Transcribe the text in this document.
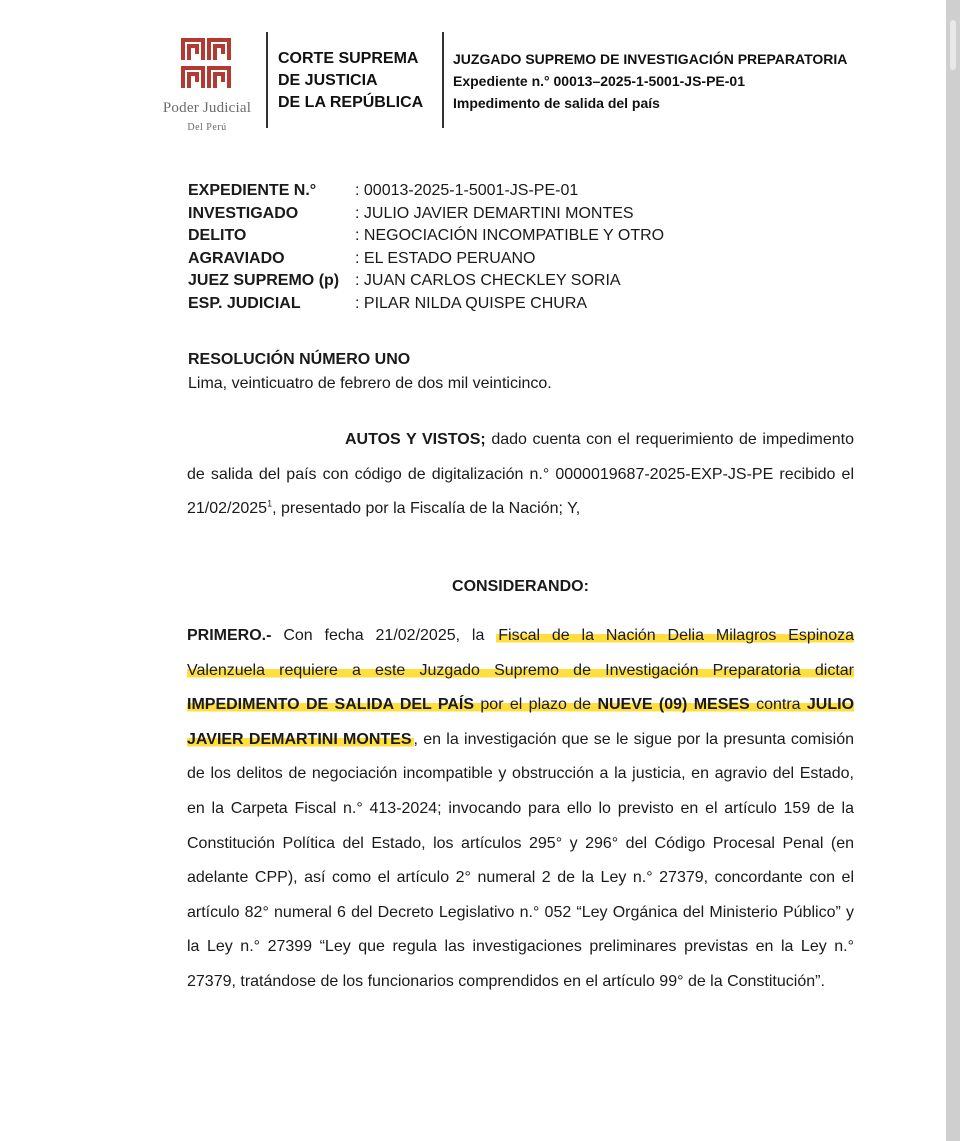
Poder Judicial
Del Perú
CORTE SUPREMA
DE JUSTICIA
DE LA REPÚBLICA
JUZGADO SUPREMO DE INVESTIGACIÓN PREPARATORIA
Expediente n.° 00013–2025-1-5001-JS-PE-01
Impedimento de salida del país
EXPEDIENTE N.° : 00013-2025-1-5001-JS-PE-01
INVESTIGADO	: JULIO JAVIER DEMARTINI MONTES
DELITO	: NEGOCIACIÓN INCOMPATIBLE Y OTRO
AGRAVIADO	: EL ESTADO PERUANO
JUEZ SUPREMO (p) : JUAN CARLOS CHECKLEY SORIA
ESP. JUDICIAL	: PILAR NILDA QUISPE CHURA
RESOLUCIÓN NÚMERO UNO
Lima, veinticuatro de febrero de dos mil veinticinco.
AUTOS Y VISTOS; dado cuenta con el requerimiento de impedimento de salida del país con código de digitalización n.° 0000019687-2025-EXP-JS-PE recibido el 21/02/2025$^1$, presentado por la Fiscalía de la Nación; Y,
CONSIDERANDO:
PRIMERO.- Con fecha 21/02/2025, la Fiscal de la Nación Delia Milagros Espinoza Valenzuela requiere a este Juzgado Supremo de Investigación Preparatoria dictar IMPEDIMENTO DE SALIDA DEL PAÍS por el plazo de NUEVE (09) MESES contra JULIO JAVIER DEMARTINI MONTES , en la investigación que se le sigue por la presunta comisión de los delitos de negociación incompatible y obstrucción a la justicia, en agravio del Estado, en la Carpeta Fiscal n.° 413-2024; invocando para ello lo previsto en el artículo 159 de la Constitución Política del Estado, los artículos 295° y 296° del Código Procesal Penal (en adelante CPP), así como el artículo 2° numeral 2 de la Ley n.° 27379, concordante con el artículo 82° numeral 6 del Decreto Legislativo n.° 052 “Ley Orgánica del Ministerio Público” y la Ley n.° 27399 “Ley que regula las investigaciones preliminares previstas en la Ley n.° 27379, tratándose de los funcionarios comprendidos en el artículo 99° de la Constitución”.
